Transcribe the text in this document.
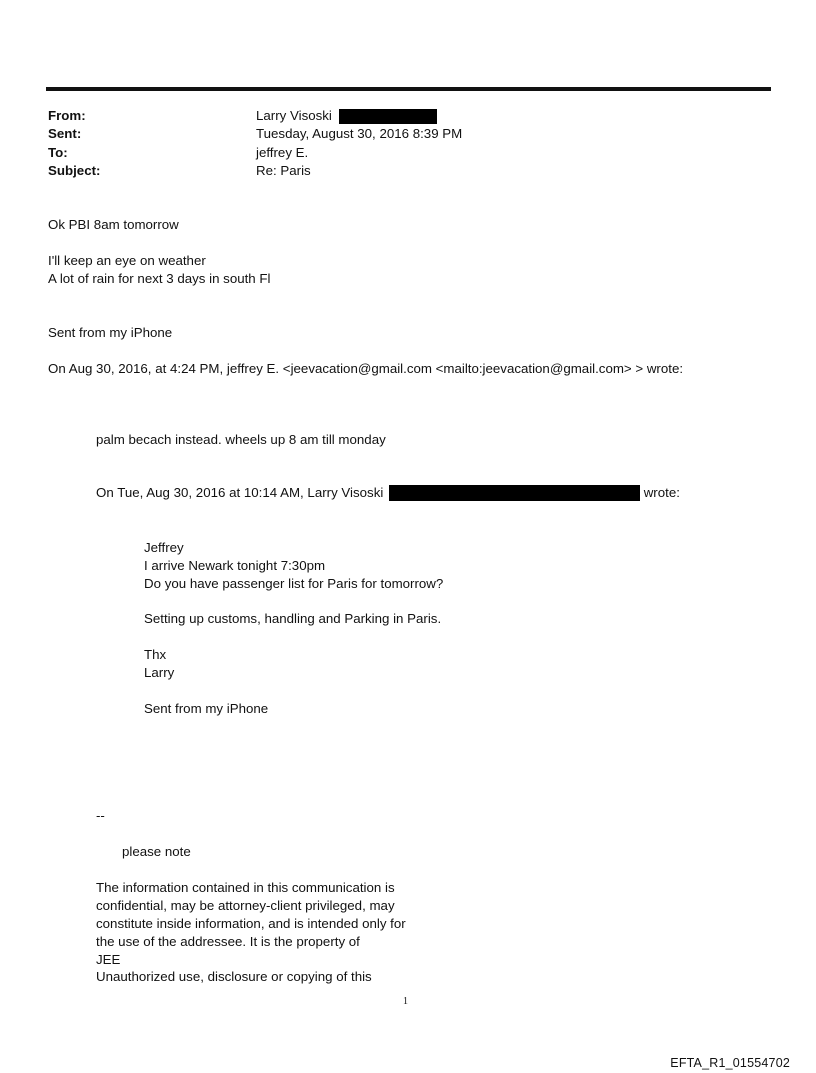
From:	Larry Visoski
Sent:	Tuesday, August 30, 2016 8:39 PM
To:	jeffrey E.
Subject:	Re: Paris
Ok PBI 8am tomorrow
I'll keep an eye on weather
A lot of rain for next 3 days in south Fl
Sent from my iPhone
On Aug 30, 2016, at 4:24 PM, jeffrey E. <jeevacation@gmail.com <mailto:jeevacation@gmail.com> > wrote:
palm becach instead. wheels up 8 am till monday
On Tue, Aug 30, 2016 at 10:14 AM, Larry Visoski	wrote:
Jeffrey
I arrive Newark tonight 7:30pm
Do you have passenger list for Paris for tomorrow?
Setting up customs, handling and Parking in Paris.
Thx
Larry
Sent from my iPhone
--
please note
The information contained in this communication is
confidential, may be attorney-client privileged, may
constitute inside information, and is intended only for
the use of the addressee. It is the property of
JEE
Unauthorized use, disclosure or copying of this
1
EFTA_R1_01554702
